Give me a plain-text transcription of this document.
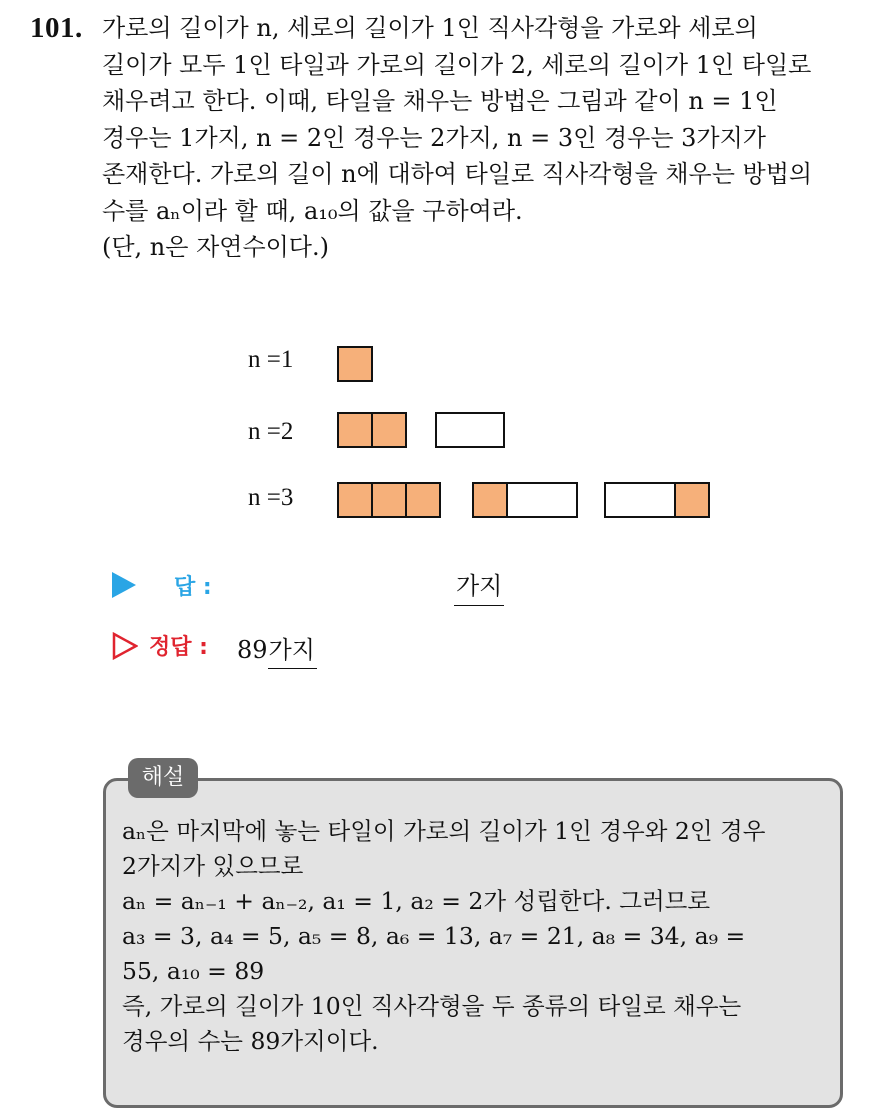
101. 가로의 길이가 n, 세로의 길이가 1인 직사각형을 가로와 세로의
길이가 모두 1인 타일과 가로의 길이가 2, 세로의 길이가 1인 타일로
채우려고 한다. 이때, 타일을 채우는 방법은 그림과 같이 n = 1인
경우는 1가지, n = 2인 경우는 2가지, n = 3인 경우는 3가지가
존재한다. 가로의 길이 n에 대하여 타일로 직사각형을 채우는 방법의
수를 aₙ이라 할 때, a₁₀의 값을 구하여라.
(단, n은 자연수이다.)
n =1
n =2
n =3
답 :	가지
정답 : 89가지
해설
aₙ은 마지막에 놓는 타일이 가로의 길이가 1인 경우와 2인 경우
2가지가 있으므로
aₙ = aₙ₋₁ + aₙ₋₂, a₁ = 1, a₂ = 2가 성립한다. 그러므로
a₃ = 3, a₄ = 5, a₅ = 8, a₆ = 13, a₇ = 21, a₈ = 34, a₉ =
55, a₁₀ = 89
즉, 가로의 길이가 10인 직사각형을 두 종류의 타일로 채우는
경우의 수는 89가지이다.
